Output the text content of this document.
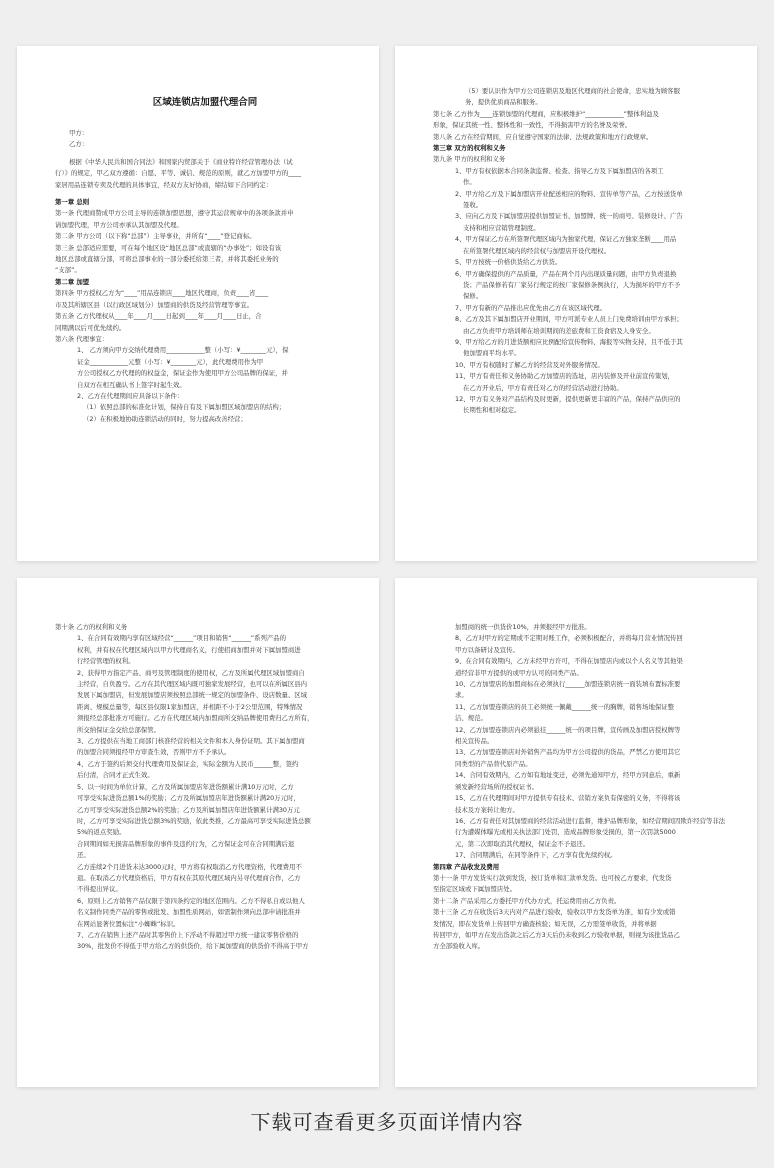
区域连锁店加盟代理合同
甲方：
乙方：
根据《中华人民共和国合同法》和国家内贸部关于《商业特许经营管理办法（试
行）》的规定，甲乙双方遵循：自愿、平等、诚信、规范的原则，就乙方加盟甲方的____
家居用品连锁专卖及代理的具体事宜，经双方友好协商，缔结如下合同约定：
第一章 总则
第一条 代理商赞成甲方公司主导的连锁加盟思想，遵守其运营规章中的各项条款并申
请加盟代理，甲方公司亦承认其加盟及代理。
第二条 甲方公司（以下称“总部”）主导事业，并所有“____”登记商标。
第三条 总部适应需要，可在每个地区设“地区总部”或直辖的“办事处”；如设有该
地区总部或直辖分部，可将总部事业的一部分委托给第三者，并将其委托业务的
“支部”。
第二章 加盟
第四条 甲方授权乙方为“____”用品连锁店____地区代理商，负责____省____
市及其所辖区县（以行政区域划分）加盟商的供货及经营管理等事宜。
第五条 乙方代理权从____年____月____日起到____年____月____日止，合
同期满以后可优先续约。
第六条 代理事宜：
1、 乙方须向甲方交纳代理费用____________整（小写：¥________元），保
证金____________元整（小写：¥________元），此代理费用作为甲
方公司授权乙方代理的的权益金，保证金作为使用甲方公司品牌的保证，并
自双方在相互确认书上签字时起生效。
2、乙方在代理期间应具备以下条件：
（1）依照总部的标准化计划，保持自有及下属加盟区域加盟店的结构；
（2）在积极地协助连锁活动的同时，努力提高改善经营；
（5）要认识作为甲方公司连锁店及地区代理商的社会使命，忠实地为顾客服
务，提供优质商品和服务。
第七条 乙方作为____连锁加盟的代理商，应积极维护“____________”整体利益及
形象，保证其统一性、整体性和一致性，不得损害甲方的名誉及荣誉。
第八条 乙方在经营期间，应自觉遵守国家的法律、法规政策和地方行政规章。
第三章 双方的权利和义务
第九条 甲方的权利和义务
1、甲方有权依据本合同条款监督、检查、指导乙方及下属加盟店的各项工
作。
2、甲方给乙方及下属加盟店开业配送相应的物料、宣传单等产品，乙方按送货单
签收。
3、应向乙方及下属加盟店提供加盟证书、加盟牌、统一的商号、装修设计、广告
支持和相应营销管理制度。
4、甲方保证乙方在所签署代理区域内为独家代理，保证乙方独家垄断____用品
在所签署代理区域内的经营权与加盟店开设代理权。
5、甲方按统一价格供货给乙方供货。
6、甲方确保提供的产品质量，产品在两个月内出现质量问题，由甲方负责退换
货；产品保修若有厂家另行规定的按厂家保修条例执行，人为损坏的甲方不予
保修。
7、甲方有新的产品推出应优先由乙方在该区域代理。
8、乙方及其下属加盟店开业期间，甲方可派专业人员上门免费培训由甲方承担；
由乙方负责甲方培训师在培训期间的差旅费和工资食宿及人身安全。
9、甲方给乙方的月进货额相应比例配给宣传物料、海报等实物支持，且不低于其
他加盟商平均水平。
10、甲方有权随时了解乙方的经营及对外服务情况。
11、甲方有责任和义务协助乙方加盟店的选址，店内装修及开业前宣传策划，
在乙方开业后，甲方有责任对乙方的经营活动进行协助。
12、甲方有义务对产品结构及时更新，提供更新更丰富的产品，保持产品供应的
长期性和相对稳定。
第十条 乙方的权利和义务
1、在合同有效期内享有区域经营“______”项目和销售“______”系列产品的
权利，并有权在代理区域内以甲方代理商名义，行使招商加盟并对下属加盟商进
行经营管理的权利。
2、获得甲方指定产品、商号及管理制度的使用权，乙方及所属代理区域加盟商自
主经营，自负盈亏。乙方在其代理区域内既可独家发展经营，也可以在所属区县内
发展下属加盟店，但发展加盟店须按照总部统一规定的加盟条件、设店数量、区域
距离、规模总量等，每区县仅限1家加盟店，并相距不小于2公里范围，特殊情况
须报经总部批准方可施行。乙方在代理区域内加盟商所交纳品牌使用费归乙方所有，
所交纳保证金交给总部保管。
3、乙方提供在当地工商部门核准经营的相关文件和本人身份证明。其下属加盟商
的加盟合同须报经甲方审查生效，否则甲方不予承认。
4、乙方于签约后须交付代理费用及保证金，实际金额为人民币______整，签约
后付清，合同才正式生效。
5、以一时间为单位计算，乙方及所属加盟店年进货额累计满10万元时，乙方
可享受实际进货总额1%的奖励；乙方及所属加盟店年进货额累计满20万元时，
乙方可享受实际进货总额2%的奖励；乙方及所属加盟店年进货额累计满30万元
时，乙方可享受实际进货总额3%的奖励，依此类推，乙方最高可享受实际进货总额
5%的返点奖励。
合同期间如无损害品牌形象的事件及违约行为，乙方保证金可在合同期满后退
还。
乙方连续2个月进货未达3000元时，甲方将有权取消乙方代理资格，代理费用不
退。在取消乙方代理资格后，甲方有权在其原代理区域内另寻代理商合作，乙方
不得提出异议。
6、原则上乙方销售产品仅限于第四条约定的地区范围内。乙方不得私自或以他人
名义制作同类产品的零售或批发、加盟性质网站，如需制作须向总部申请批准并
在网站显著位置标注“小蜘蛛”标识。
7、乙方在销售上述产品时其零售价上下浮动不得超过甲方统一建议零售价格的
30%，批发价不得低于甲方给乙方的供货价，给下属加盟商的供货价不得高于甲方
加盟商的统一供货价10%，并须报经甲方批准。
8、乙方对甲方的定期或不定期对账工作，必须积极配合，并将每月营业情况传回
甲方以备研讨及宣传。
9、在合同有效期内，乙方未经甲方许可，不得在加盟店内或以个人名义等其他渠
道经营非甲方提供的或甲方认可的同类产品。
10、乙方加盟店的加盟商标在必须执行______加盟连锁店统一面装填布置标准要
求。
11、乙方加盟连锁店的员工必须统一佩戴______统一的胸牌，销售场地保证整
洁、规范。
12、乙方加盟连锁店内必须悬挂______统一的项目牌，宣传画及加盟店授权牌等
相关宣传品。
13、乙方加盟连锁店对外销售产品均为甲方公司提供的货品，严禁乙方使用其它
同类型的产品替代原产品。
14、合同有效期内，乙方如有地址变迁，必须先通知甲方，经甲方同意后，重新
颁发新经营场所的授权证书。
15、乙方在代理期间对甲方提供专有技术、营销方案负有保密的义务，不得将该
技术及方案转让他方。
16、乙方有责任对其加盟商的经营活动进行监督，维护品牌形象，如经营期间因欺诈经营等非法
行为遭媒体曝光或相关执法部门处罚，造成品牌形象受损的，第一次罚款5000
元，第二次即取消其代理权，保证金不予退还。
17、合同期满后，在同等条件下，乙方享有优先续约权。
第四章 产品收发及费用
第十一条 甲方发货实行款到发货，按订货单和汇款单发货。也可按乙方要求，代发货
至指定区域或下属加盟店处。
第十二条 产品采用乙方委托甲方代办方式，托运费用由乙方负责。
第十三条 乙方在收货后3天内对产品进行验收，验收以甲方发货单为准，如有少发或错
发情况，即在发货单上传回甲方确查核验；如无误，乙方需签单收货，并将单据
传回甲方，如甲方在发出货款之后乙方3天后仍未收到乙方验收单据，则视为该批货品乙
方全部验收入库。
下载可查看更多页面详情内容
